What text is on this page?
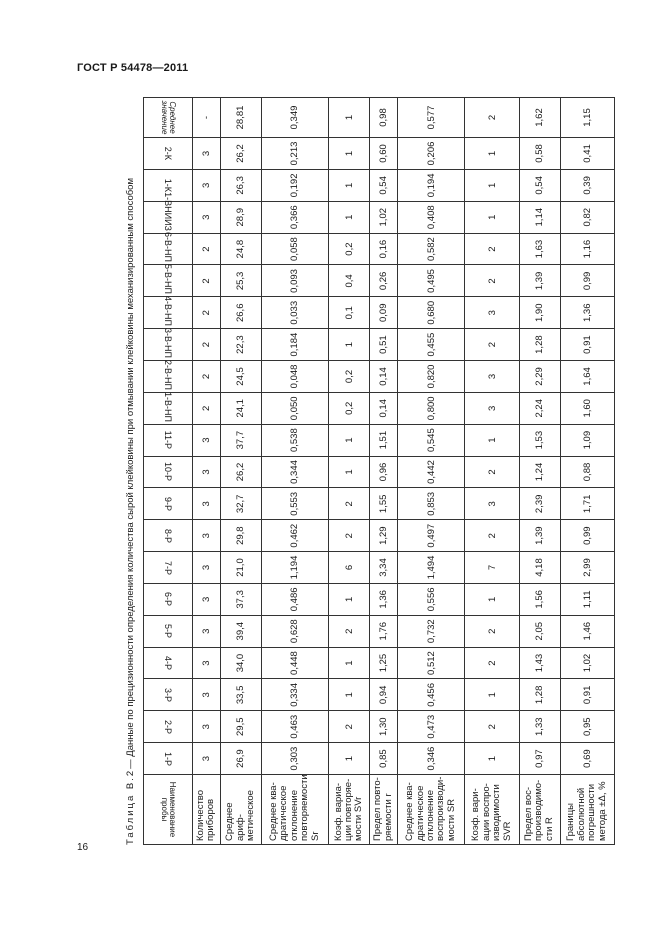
ГОСТ Р 54478—2011
Таблица В.2
— Данные по прецизионности определения количества сырой клейковины при отмывании клейковины механизированным способом
Наименование пробы	1-Р	2-Р	3-Р	4-Р	5-Р	6-Р	7-Р	8-Р	9-Р	10-Р	11-Р	1-В-НП	2-В-НП	3-В-НП	4-В-НП	5-В-НП	6-В-НП	1-ВНИИЗ	1-К	2-К	Среднее значение
Количество приборов	3	3	3	3	3	3	3	3	3	3	3	2	2	2	2	2	2	3	3	3	-
Среднее арифметическое	26,9	29,5	33,5	34,0	39,4	37,3	21,0	29,8	32,7	26,2	37,7	24,1	24,5	22,3	26,6	25,3	24,8	28,9	26,3	26,2	28,81
Среднее квадратическое отклонение повторяемости Sr	0,303	0,463	0,334	0,448	0,628	0,486	1,194	0,462	0,553	0,344	0,538	0,050	0,048	0,184	0,033	0,093	0,058	0,366	0,192	0,213	0,349
Коэф. вариации повторяемости SVr	1	2	1	1	2	1	6	2	2	1	1	0,2	0,2	1	0,1	0,4	0,2	1	1	1	1
Предел повторяемости r	0,85	1,30	0,94	1,25	1,76	1,36	3,34	1,29	1,55	0,96	1,51	0,14	0,14	0,51	0,09	0,26	0,16	1,02	0,54	0,60	0,98
Среднее квадратическое отклонение воспроизводимости SR	0,346	0,473	0,456	0,512	0,732	0,556	1,494	0,497	0,853	0,442	0,545	0,800	0,820	0,455	0,680	0,495	0,582	0,408	0,194	0,206	0,577
Коэф. вариации воспроизводимости SVR	1	2	1	2	2	1	7	2	3	2	1	3	3	2	3	2	2	1	1	1	2
Предел воспроизводимости R	0,97	1,33	1,28	1,43	2,05	1,56	4,18	1,39	2,39	1,24	1,53	2,24	2,29	1,28	1,90	1,39	1,63	1,14	0,54	0,58	1,62
Границы абсолютной погрешности метода ±Δ, %	0,69	0,95	0,91	1,02	1,46	1,11	2,99	0,99	1,71	0,88	1,09	1,60	1,64	0,91	1,36	0,99	1,16	0,82	0,39	0,41	1,15
16
